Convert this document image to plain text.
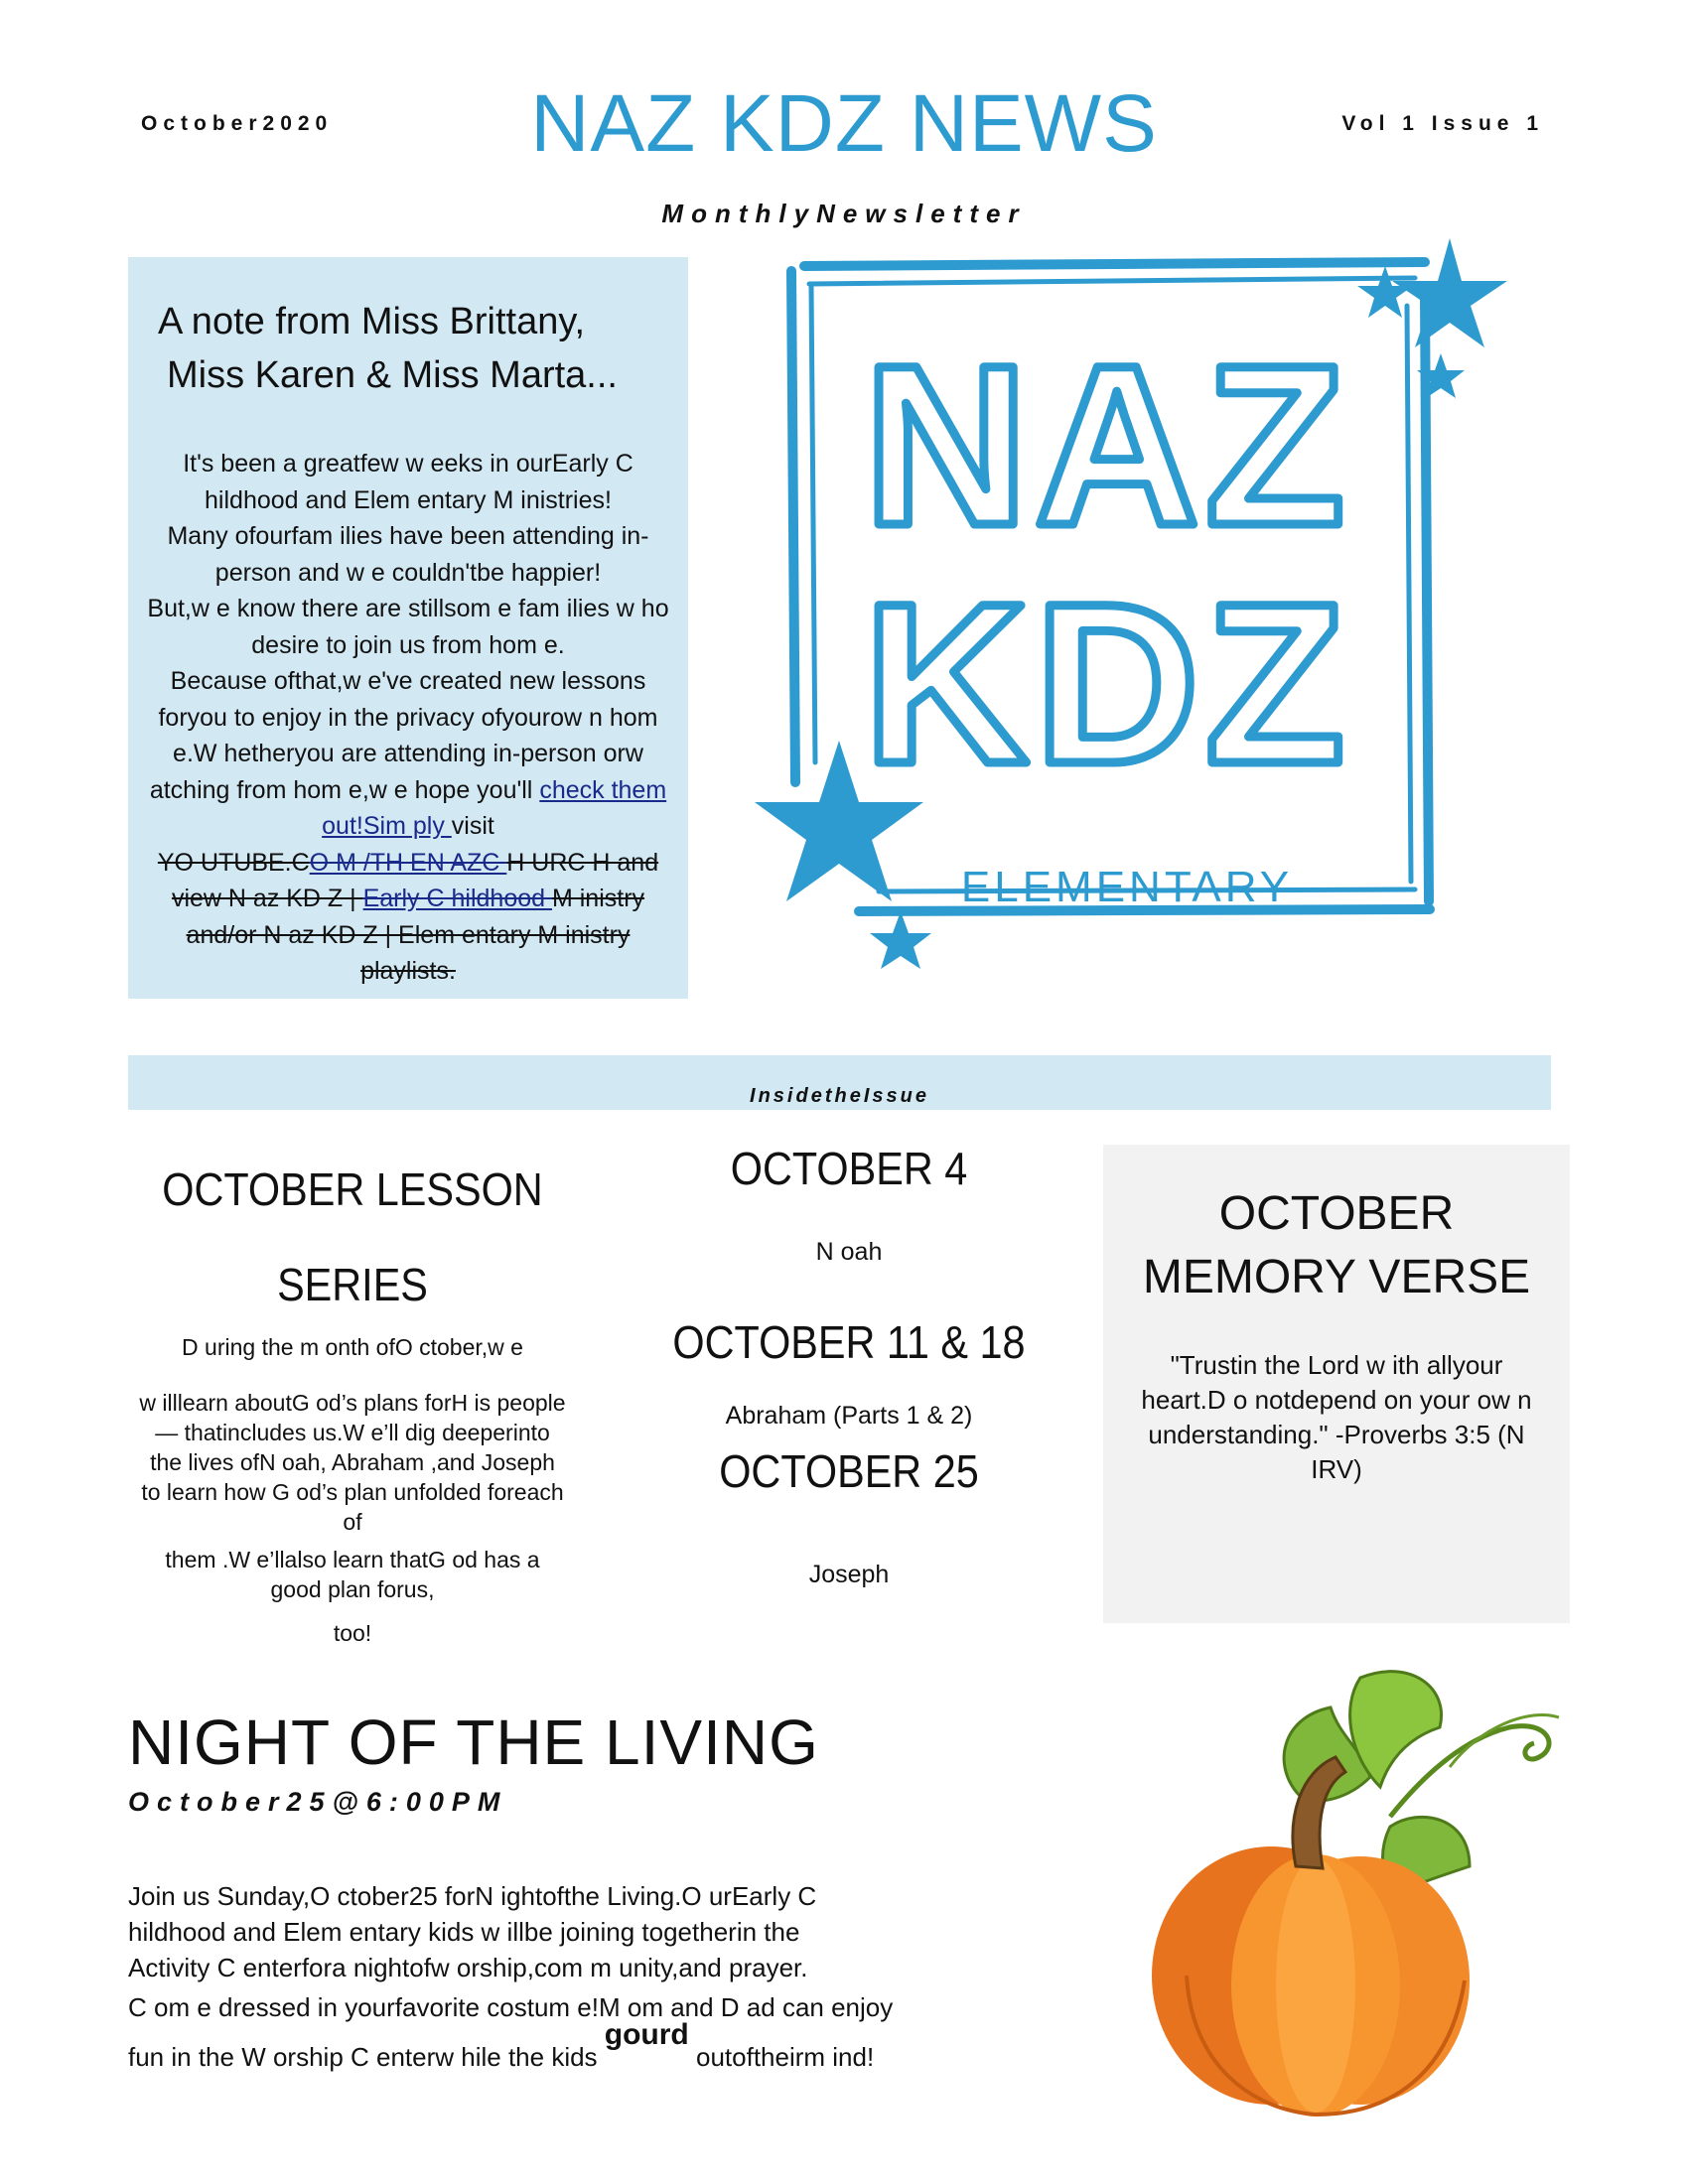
October2020	NAZ KDZ NEWS	Vol 1 Issue 1
MonthlyNewsletter
A note from Miss Brittany,
Miss Karen & Miss Marta...
It's been a greatfew w eeks in ourEarly C hildhood and Elem entary M inistries!
Many ofourfam ilies have been attending in-person and w e couldn'tbe happier!
But,w e know there are stillsom e fam ilies w ho desire to join us from hom e.
Because ofthat,w e've created new lessons foryou to enjoy in the privacy ofyourow n hom e.W hetheryou are attending in-person orw atching from hom e,w e hope you'll check them out!Sim ply visit
YO UTUBE.CO M /TH EN AZC H URC H and view N az KD Z | Early C hildhood M inistry and/or N az KD Z | Elem entary M inistry playlists.
NAZ
KDZ
ELEMENTARY
InsidetheIssue
OCTOBER LESSON
SERIES
D uring the m onth ofO ctober,w e
w illlearn aboutG od’s plans forH is people— thatincludes us.W e’ll dig deeperinto the lives ofN oah, Abraham ,and Joseph to learn how G od’s plan unfolded foreach of
them .W e’llalso learn thatG od has a good plan forus,
too!
OCTOBER 4
N oah
OCTOBER 11 & 18
Abraham (Parts 1 & 2)
OCTOBER 25
Joseph
OCTOBER
MEMORY VERSE
"Trustin the Lord w ith allyour heart.D o notdepend on your ow n understanding." -Proverbs 3:5 (N IRV)
NIGHT OF THE LIVING
October25@6:00PM
Join us Sunday,O ctober25 forN ightofthe Living.O urEarly C
hildhood and Elem entary kids w illbe joining togetherin the
Activity C enterfora nightofw orship,com m unity,and prayer.
C om e dressed in yourfavorite costum e!M om and D ad can enjoy
fun in the W orship C enterw hile the kids gourd outoftheirm ind!
